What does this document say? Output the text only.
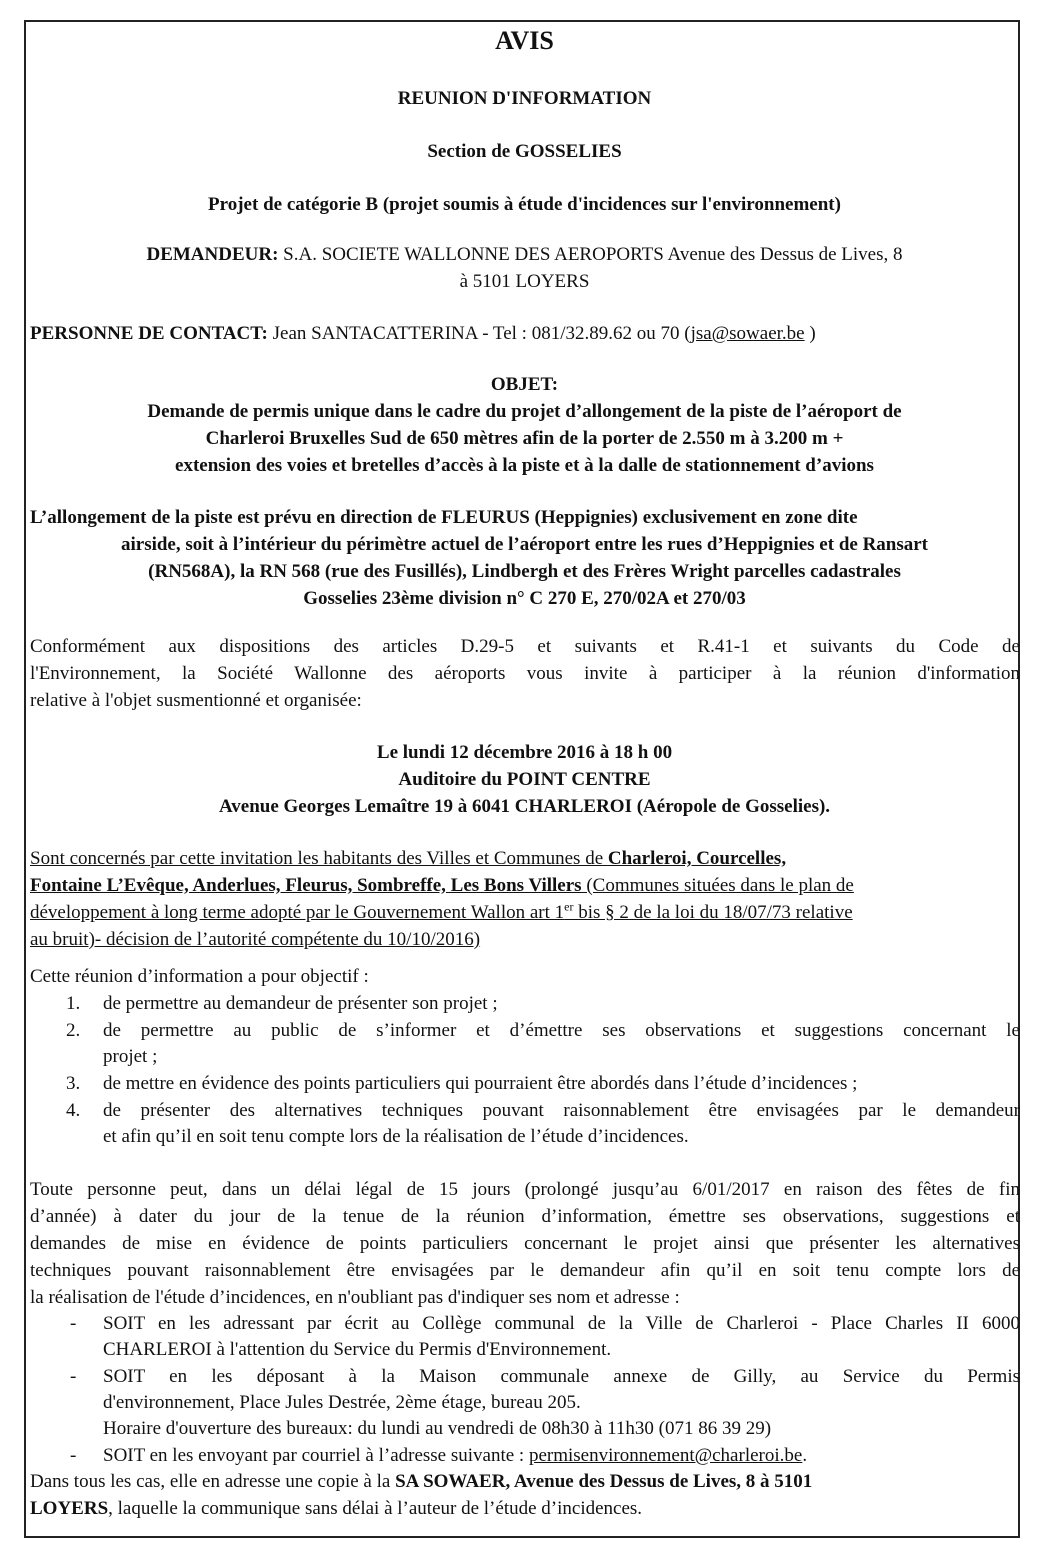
AVIS
REUNION D'INFORMATION
Section de GOSSELIES
Projet de catégorie B (projet soumis à étude d'incidences sur l'environnement)
DEMANDEUR: S.A. SOCIETE WALLONNE DES AEROPORTS Avenue des Dessus de Lives, 8
à 5101 LOYERS
PERSONNE DE CONTACT: Jean SANTACATTERINA - Tel : 081/32.89.62 ou 70 (jsa@sowaer.be )
OBJET:
Demande de permis unique dans le cadre du projet d’allongement de la piste de l’aéroport de
Charleroi Bruxelles Sud de 650 mètres afin de la porter de 2.550 m à 3.200 m +
extension des voies et bretelles d’accès à la piste et à la dalle de stationnement d’avions
L’allongement de la piste est prévu en direction de FLEURUS (Heppignies) exclusivement en zone dite
airside, soit à l’intérieur du périmètre actuel de l’aéroport entre les rues d’Heppignies et de Ransart
(RN568A), la RN 568 (rue des Fusillés), Lindbergh et des Frères Wright parcelles cadastrales
Gosselies 23ème division n° C 270 E, 270/02A et 270/03
Conformément aux dispositions des articles D.29-5 et suivants et R.41-1 et suivants du Code de
l'Environnement, la Société Wallonne des aéroports vous invite à participer à la réunion d'information
relative à l'objet susmentionné et organisée:
Le lundi 12 décembre 2016 à 18 h 00
Auditoire du POINT CENTRE
Avenue Georges Lemaître 19 à 6041 CHARLEROI (Aéropole de Gosselies).
Sont concernés par cette invitation les habitants des Villes et Communes de Charleroi, Courcelles,
Fontaine L’Evêque, Anderlues, Fleurus, Sombreffe, Les Bons Villers (Communes situées dans le plan de
développement à long terme adopté par le Gouvernement Wallon art 1er bis § 2 de la loi du 18/07/73 relative
au bruit)- décision de l’autorité compétente du 10/10/2016)
Cette réunion d’information a pour objectif :
1. de permettre au demandeur de présenter son projet ;
2. de permettre au public de s’informer et d’émettre ses observations et suggestions concernant le
projet ;
3. de mettre en évidence des points particuliers qui pourraient être abordés dans l’étude d’incidences ;
4. de présenter des alternatives techniques pouvant raisonnablement être envisagées par le demandeur
et afin qu’il en soit tenu compte lors de la réalisation de l’étude d’incidences.
Toute personne peut, dans un délai légal de 15 jours (prolongé jusqu’au 6/01/2017 en raison des fêtes de fin
d’année) à dater du jour de la tenue de la réunion d’information, émettre ses observations, suggestions et
demandes de mise en évidence de points particuliers concernant le projet ainsi que présenter les alternatives
techniques pouvant raisonnablement être envisagées par le demandeur afin qu’il en soit tenu compte lors de
la réalisation de l'étude d’incidences, en n'oubliant pas d'indiquer ses nom et adresse :
- SOIT en les adressant par écrit au Collège communal de la Ville de Charleroi - Place Charles II 6000
CHARLEROI à l'attention du Service du Permis d'Environnement.
- SOIT en les déposant à la Maison communale annexe de Gilly, au Service du Permis
d'environnement, Place Jules Destrée, 2ème étage, bureau 205.
Horaire d'ouverture des bureaux: du lundi au vendredi de 08h30 à 11h30 (071 86 39 29)
- SOIT en les envoyant par courriel à l’adresse suivante : permisenvironnement@charleroi.be.
Dans tous les cas, elle en adresse une copie à la SA SOWAER, Avenue des Dessus de Lives, 8 à 5101
LOYERS, laquelle la communique sans délai à l’auteur de l’étude d’incidences.
